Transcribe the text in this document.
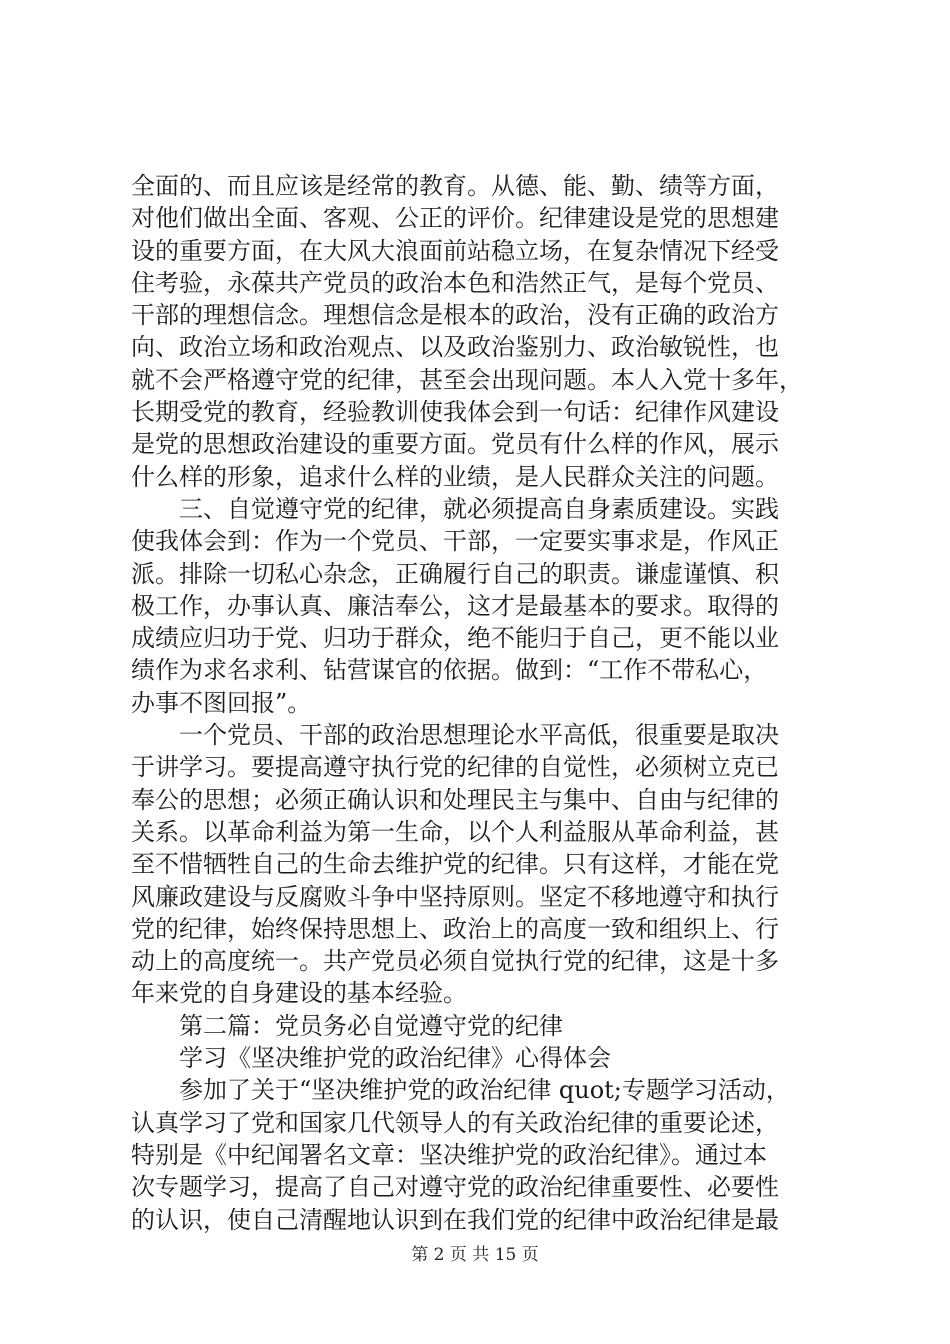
全面的、而且应该是经常的教育。从德、能、勤、绩等方面，
对他们做出全面、客观、公正的评价。纪律建设是党的思想建
设的重要方面，在大风大浪面前站稳立场，在复杂情况下经受
住考验，永葆共产党员的政治本色和浩然正气，是每个党员、
干部的理想信念。理想信念是根本的政治，没有正确的政治方
向、政治立场和政治观点、以及政治鉴别力、政治敏锐性，也
就不会严格遵守党的纪律，甚至会出现问题。本人入党十多年，
长期受党的教育，经验教训使我体会到一句话：纪律作风建设
是党的思想政治建设的重要方面。党员有什么样的作风，展示
什么样的形象，追求什么样的业绩，是人民群众关注的问题。
　　三、自觉遵守党的纪律，就必须提高自身素质建设。实践
使我体会到：作为一个党员、干部，一定要实事求是，作风正
派。排除一切私心杂念，正确履行自己的职责。谦虚谨慎、积
极工作，办事认真、廉洁奉公，这才是最基本的要求。取得的
成绩应归功于党、归功于群众，绝不能归于自己，更不能以业
绩作为求名求利、钻营谋官的依据。做到：“工作不带私心，
办事不图回报”。
　　一个党员、干部的政治思想理论水平高低，很重要是取决
于讲学习。要提高遵守执行党的纪律的自觉性，必须树立克已
奉公的思想；必须正确认识和处理民主与集中、自由与纪律的
关系。以革命利益为第一生命，以个人利益服从革命利益，甚
至不惜牺牲自己的生命去维护党的纪律。只有这样，才能在党
风廉政建设与反腐败斗争中坚持原则。坚定不移地遵守和执行
党的纪律，始终保持思想上、政治上的高度一致和组织上、行
动上的高度统一。共产党员必须自觉执行党的纪律，这是十多
年来党的自身建设的基本经验。
　　第二篇：党员务必自觉遵守党的纪律
　　学习《坚决维护党的政治纪律》心得体会
　　参加了关于“坚决维护党的政治纪律 quot;专题学习活动，
认真学习了党和国家几代领导人的有关政治纪律的重要论述，
特别是《中纪闻署名文章：坚决维护党的政治纪律》。通过本
次专题学习，提高了自己对遵守党的政治纪律重要性、必要性
的认识，使自己清醒地认识到在我们党的纪律中政治纪律是最
第 2 页 共 15 页
